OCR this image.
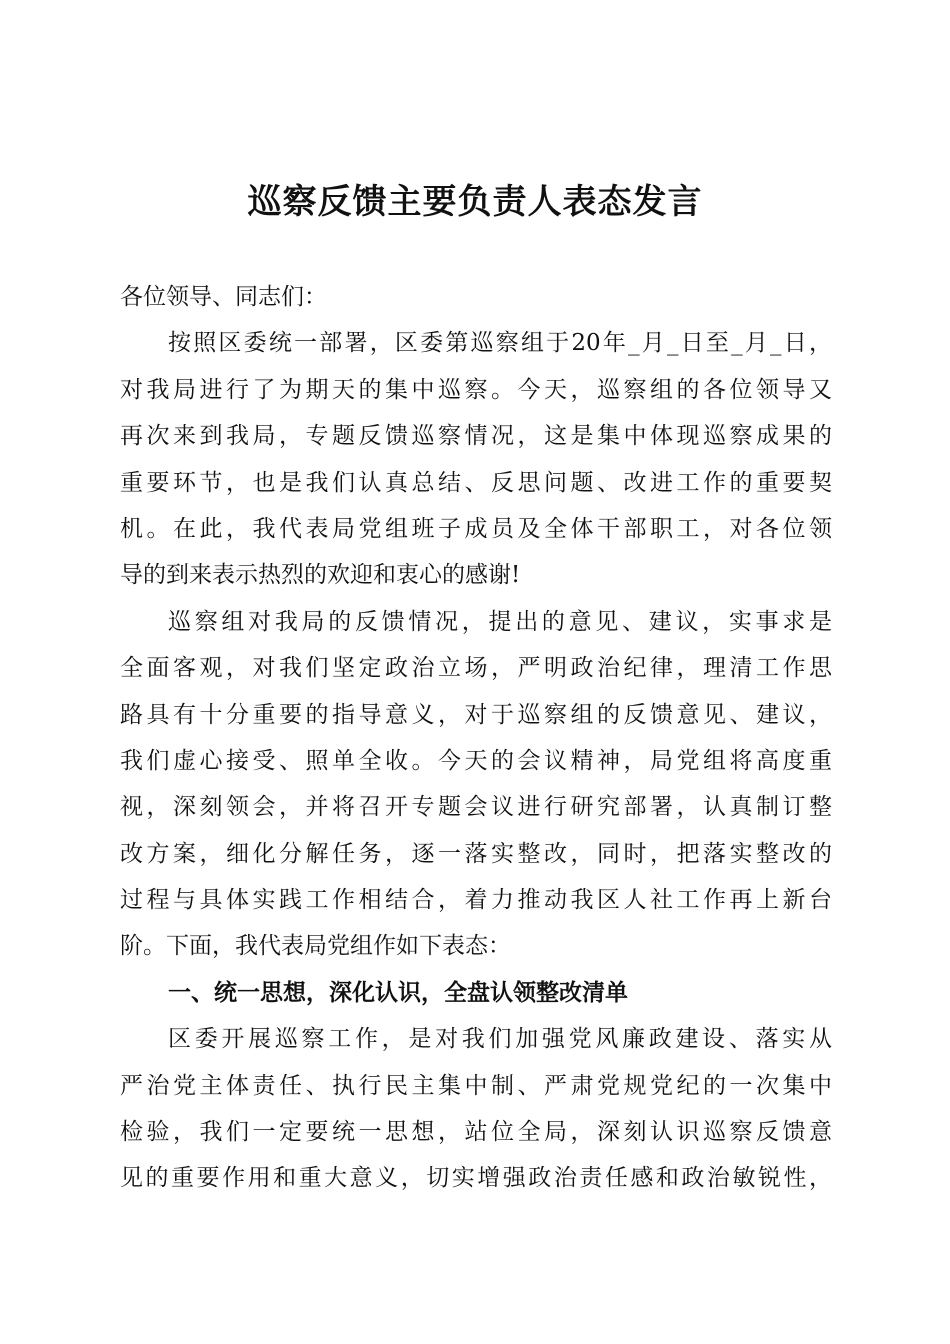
巡察反馈主要负责人表态发言

各位领导、同志们：

按照区委统一部署，区委第巡察组于20年_月_日至_月_日，

对我局进行了为期天的集中巡察。今天，巡察组的各位领导又

再次来到我局，专题反馈巡察情况，这是集中体现巡察成果的

重要环节，也是我们认真总结、反思问题、改进工作的重要契

机。在此，我代表局党组班子成员及全体干部职工，对各位领

导的到来表示热烈的欢迎和衷心的感谢!

巡察组对我局的反馈情况，提出的意见、建议，实事求是

全面客观，对我们坚定政治立场，严明政治纪律，理清工作思

路具有十分重要的指导意义，对于巡察组的反馈意见、建议，

我们虚心接受、照单全收。今天的会议精神，局党组将高度重

视，深刻领会，并将召开专题会议进行研究部署，认真制订整

改方案，细化分解任务，逐一落实整改，同时，把落实整改的

过程与具体实践工作相结合，着力推动我区人社工作再上新台

阶。下面，我代表局党组作如下表态：

一、统一思想，深化认识，全盘认领整改清单

区委开展巡察工作，是对我们加强党风廉政建设、落实从

严治党主体责任、执行民主集中制、严肃党规党纪的一次集中

检验，我们一定要统一思想，站位全局，深刻认识巡察反馈意

见的重要作用和重大意义，切实增强政治责任感和政治敏锐性，
